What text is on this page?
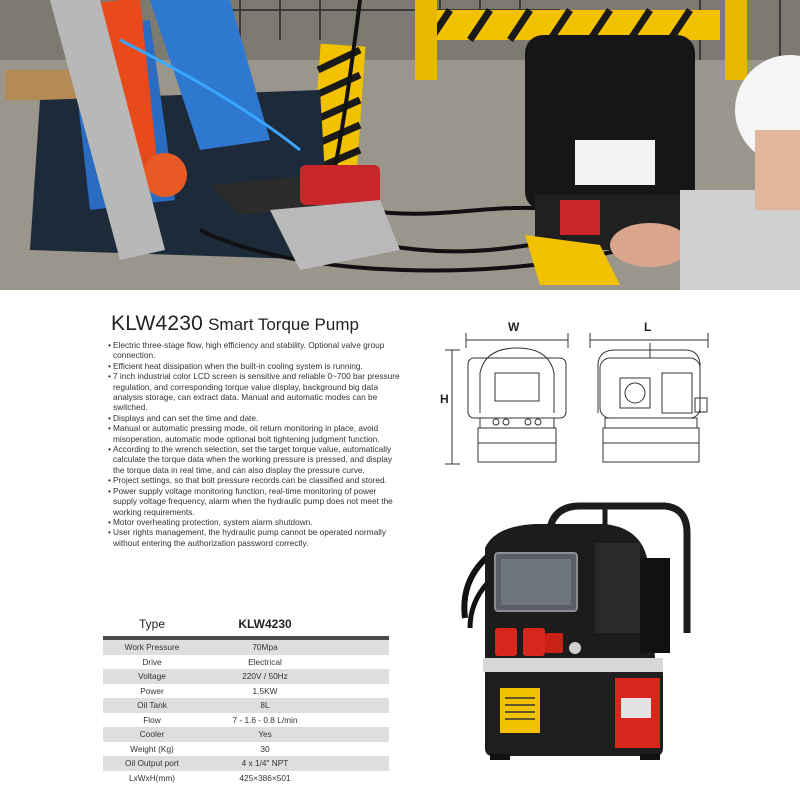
KLW4230 Smart Torque Pump
• Electric three-stage flow, high efficiency and stability. Optional valve group connection.
• Efficient heat dissipation when the built-in cooling system is running.
• 7 inch industrial color LCD screen is sensitive and reliable 0~700 bar pressure regulation, and corresponding torque value display, background big data analysis storage, can extract data. Manual and automatic modes can be switched.
• Displays and can set the time and date.
• Manual or automatic pressing mode, oil return monitoring in place, avoid misoperation, automatic mode optional bolt tightening judgment function.
• According to the wrench selection, set the target torque value, automatically calculate the torque data when the working pressure is pressed, and display the torque data in real time, and can also display the pressure curve.
• Project settings, so that bolt pressure records can be classified and stored.
• Power supply voltage monitoring function, real-time monitoring of power supply voltage frequency, alarm when the hydraulic pump does not meet the working requirements.
• Motor overheating protection, system alarm shutdown.
• User rights management, the hydraulic pump cannot be operated normally without entering the authorization password correctly.
Type	KLW4230
Work Pressure	70Mpa
Drive	Electrical
Voltage	220V / 50Hz
Power	1.5KW
Oil Tank	8L
Flow	7 - 1.6 - 0.8 L/min
Cooler	Yes
Weight (Kg)	30
Oil Output port	4 x 1/4" NPT
LxWxH(mm)	425×386×501
W	L
H
